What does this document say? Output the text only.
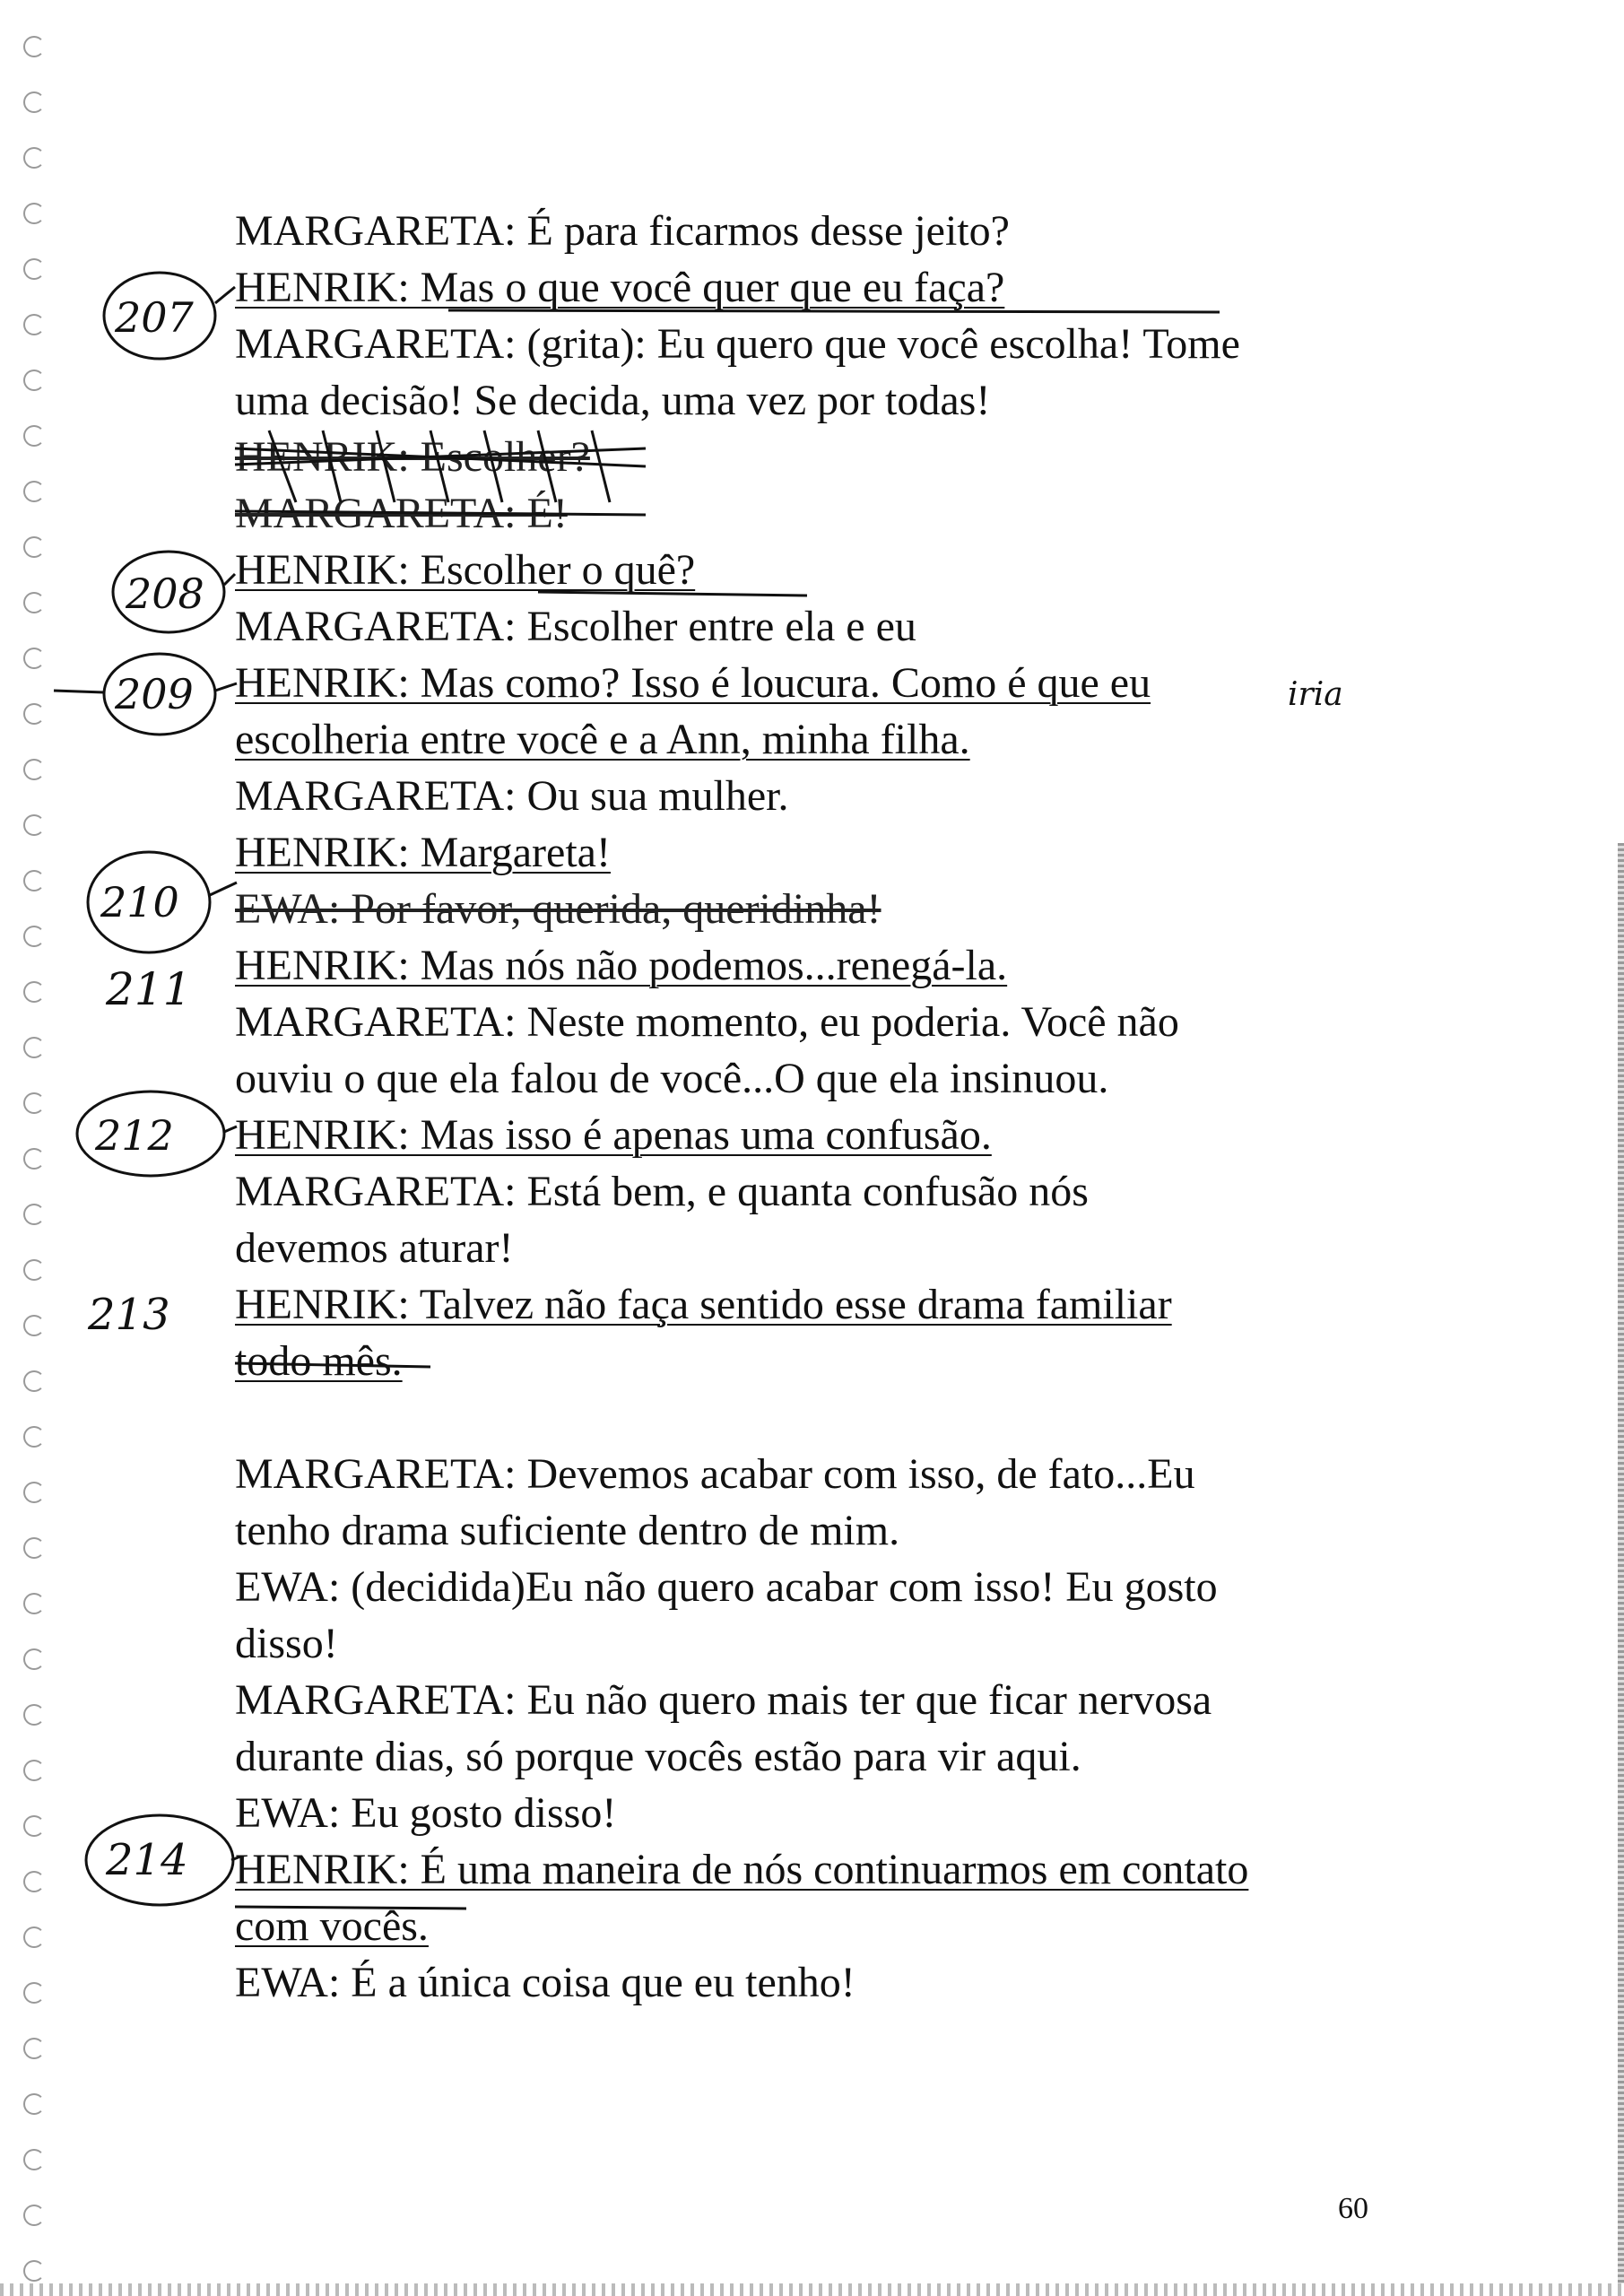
MARGARETA: É para ficarmos desse jeito?
HENRIK: Mas o que você quer que eu faça?
MARGARETA: (grita): Eu quero que você escolha! Tome
uma decisão! Se decida, uma vez por todas!
HENRIK: Escolher?
MARGARETA: É!
HENRIK: Escolher o quê?
MARGARETA: Escolher entre ela e eu
HENRIK: Mas como? Isso é loucura. Como é que eu
escolheria entre você e a Ann, minha filha.
MARGARETA: Ou sua mulher.
HENRIK: Margareta!
EWA: Por favor, querida, queridinha!
HENRIK: Mas nós não podemos...renegá-la.
MARGARETA: Neste momento, eu poderia. Você não
ouviu o que ela falou de você...O que ela insinuou.
HENRIK: Mas isso é apenas uma confusão.
MARGARETA: Está bem, e quanta confusão nós
devemos aturar!
HENRIK: Talvez não faça sentido esse drama familiar
todo mês.
MARGARETA: Devemos acabar com isso, de fato...Eu
tenho drama suficiente dentro de mim.
EWA: (decidida)Eu não quero acabar com isso! Eu gosto
disso!
MARGARETA: Eu não quero mais ter que ficar nervosa
durante dias, só porque vocês estão para vir aqui.
EWA: Eu gosto disso!
HENRIK: É uma maneira de nós continuarmos em contato
com vocês.
EWA: É a única coisa que eu tenho!
207
208
209
210
211
212
213
214
iria
60
